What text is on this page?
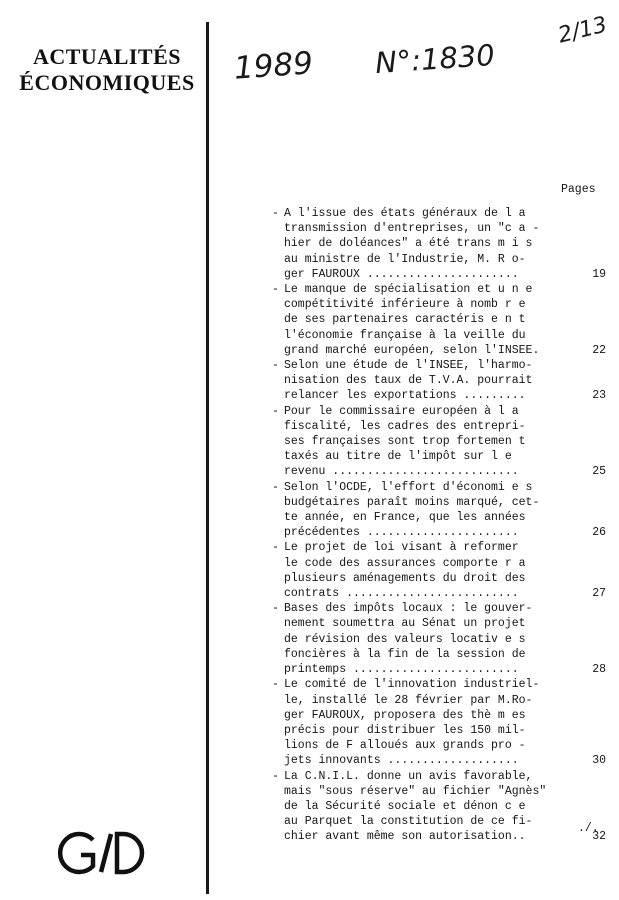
ACTUALITÉS
ÉCONOMIQUES 1989 N°:1830
2/13
Pages
- A l'issue des états généraux de l a
transmission d'entreprises, un "c a -
hier de doléances" a été trans m i s
au ministre de l'Industrie, M. R o-
ger FAUROUX ......................	19
- Le manque de spécialisation et u n e
compétitivité inférieure à nomb r e
de ses partenaires caractéris e n t
l'économie française à la veille du
grand marché européen, selon l'INSEE.	22
- Selon une étude de l'INSEE, l'harmo-
nisation des taux de T.V.A. pourrait
relancer les exportations .........	23
- Pour le commissaire européen à l a
fiscalité, les cadres des entrepri-
ses françaises sont trop fortemen t
taxés au titre de l'impôt sur l e
revenu ...........................	25
- Selon l'OCDE, l'effort d'économi e s
budgétaires paraît moins marqué, cet-
te année, en France, que les années
précédentes ......................	26
- Le projet de loi visant à reformer
le code des assurances comporte r a
plusieurs aménagements du droit des
contrats .........................	27
- Bases des impôts locaux : le gouver-
nement soumettra au Sénat un projet
de révision des valeurs locativ e s
foncières à la fin de la session de
printemps ........................	28
- Le comité de l'innovation industriel-
le, installé le 28 février par M.Ro-
ger FAUROUX, proposera des thè m es
précis pour distribuer les 150 mil-
lions de F alloués aux grands pro -
jets innovants ...................	30
- La C.N.I.L. donne un avis favorable,
mais "sous réserve" au fichier "Agnès"
de la Sécurité sociale et dénon c e
au Parquet la constitution de ce fi-
chier avant même son autorisation..	32
./.
